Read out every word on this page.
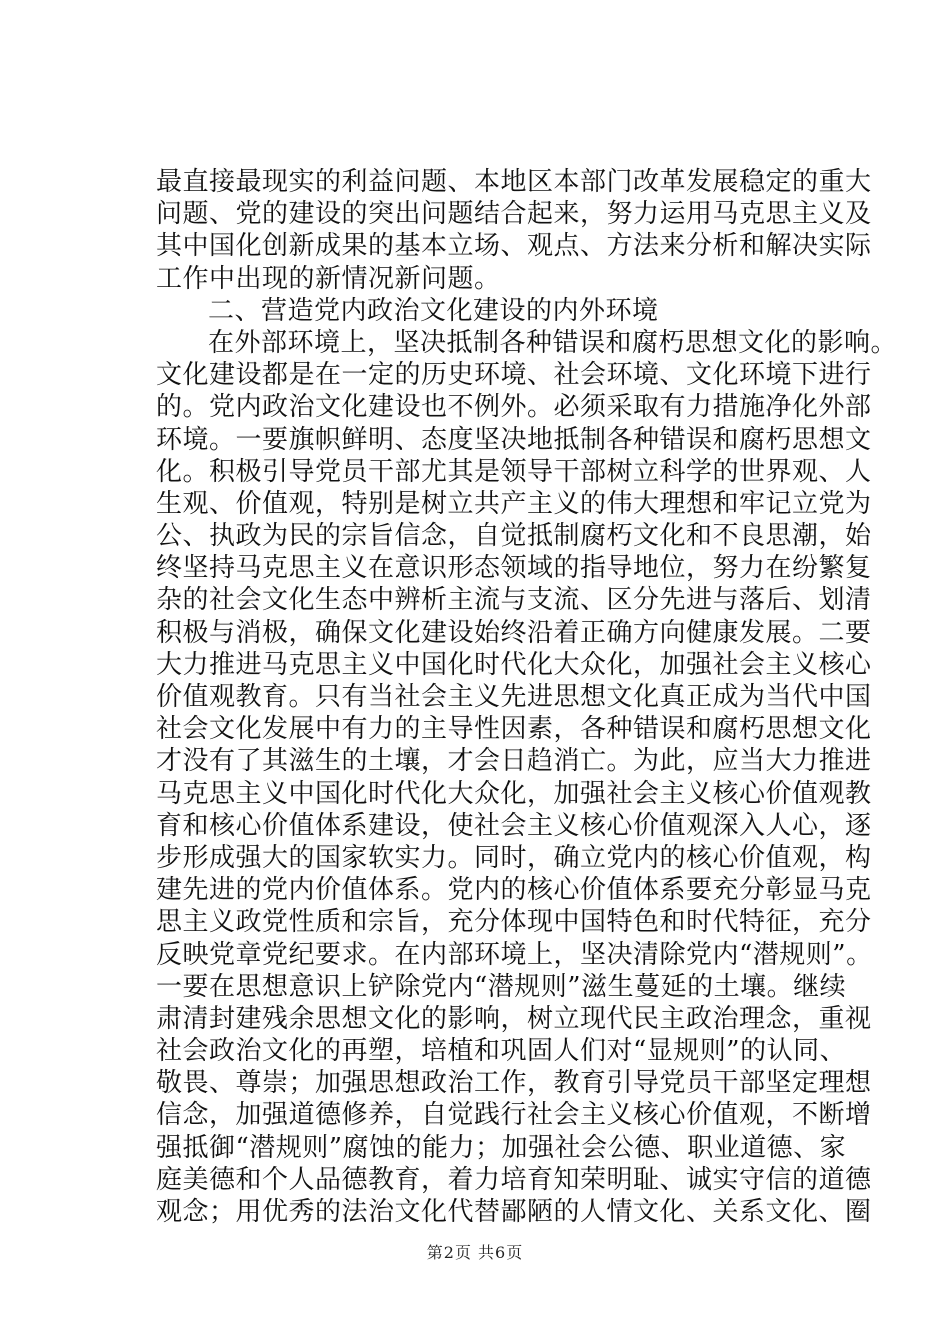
最直接最现实的利益问题、本地区本部门改革发展稳定的重大
问题、党的建设的突出问题结合起来，努力运用马克思主义及
其中国化创新成果的基本立场、观点、方法来分析和解决实际
工作中出现的新情况新问题。
二、营造党内政治文化建设的内外环境
在外部环境上，坚决抵制各种错误和腐朽思想文化的影响。
文化建设都是在一定的历史环境、社会环境、文化环境下进行
的。党内政治文化建设也不例外。必须采取有力措施净化外部
环境。一要旗帜鲜明、态度坚决地抵制各种错误和腐朽思想文
化。积极引导党员干部尤其是领导干部树立科学的世界观、人
生观、价值观，特别是树立共产主义的伟大理想和牢记立党为
公、执政为民的宗旨信念，自觉抵制腐朽文化和不良思潮，始
终坚持马克思主义在意识形态领域的指导地位，努力在纷繁复
杂的社会文化生态中辨析主流与支流、区分先进与落后、划清
积极与消极，确保文化建设始终沿着正确方向健康发展。二要
大力推进马克思主义中国化时代化大众化，加强社会主义核心
价值观教育。只有当社会主义先进思想文化真正成为当代中国
社会文化发展中有力的主导性因素，各种错误和腐朽思想文化
才没有了其滋生的土壤，才会日趋消亡。为此，应当大力推进
马克思主义中国化时代化大众化，加强社会主义核心价值观教
育和核心价值体系建设，使社会主义核心价值观深入人心，逐
步形成强大的国家软实力。同时，确立党内的核心价值观，构
建先进的党内价值体系。党内的核心价值体系要充分彰显马克
思主义政党性质和宗旨，充分体现中国特色和时代特征，充分
反映党章党纪要求。在内部环境上，坚决清除党内“潜规则”。
一要在思想意识上铲除党内“潜规则”滋生蔓延的土壤。继续
肃清封建残余思想文化的影响，树立现代民主政治理念，重视
社会政治文化的再塑，培植和巩固人们对“显规则”的认同、
敬畏、尊崇；加强思想政治工作，教育引导党员干部坚定理想
信念，加强道德修养，自觉践行社会主义核心价值观，不断增
强抵御“潜规则”腐蚀的能力；加强社会公德、职业道德、家
庭美德和个人品德教育，着力培育知荣明耻、诚实守信的道德
观念；用优秀的法治文化代替鄙陋的人情文化、关系文化、圈
第2页 共6页
